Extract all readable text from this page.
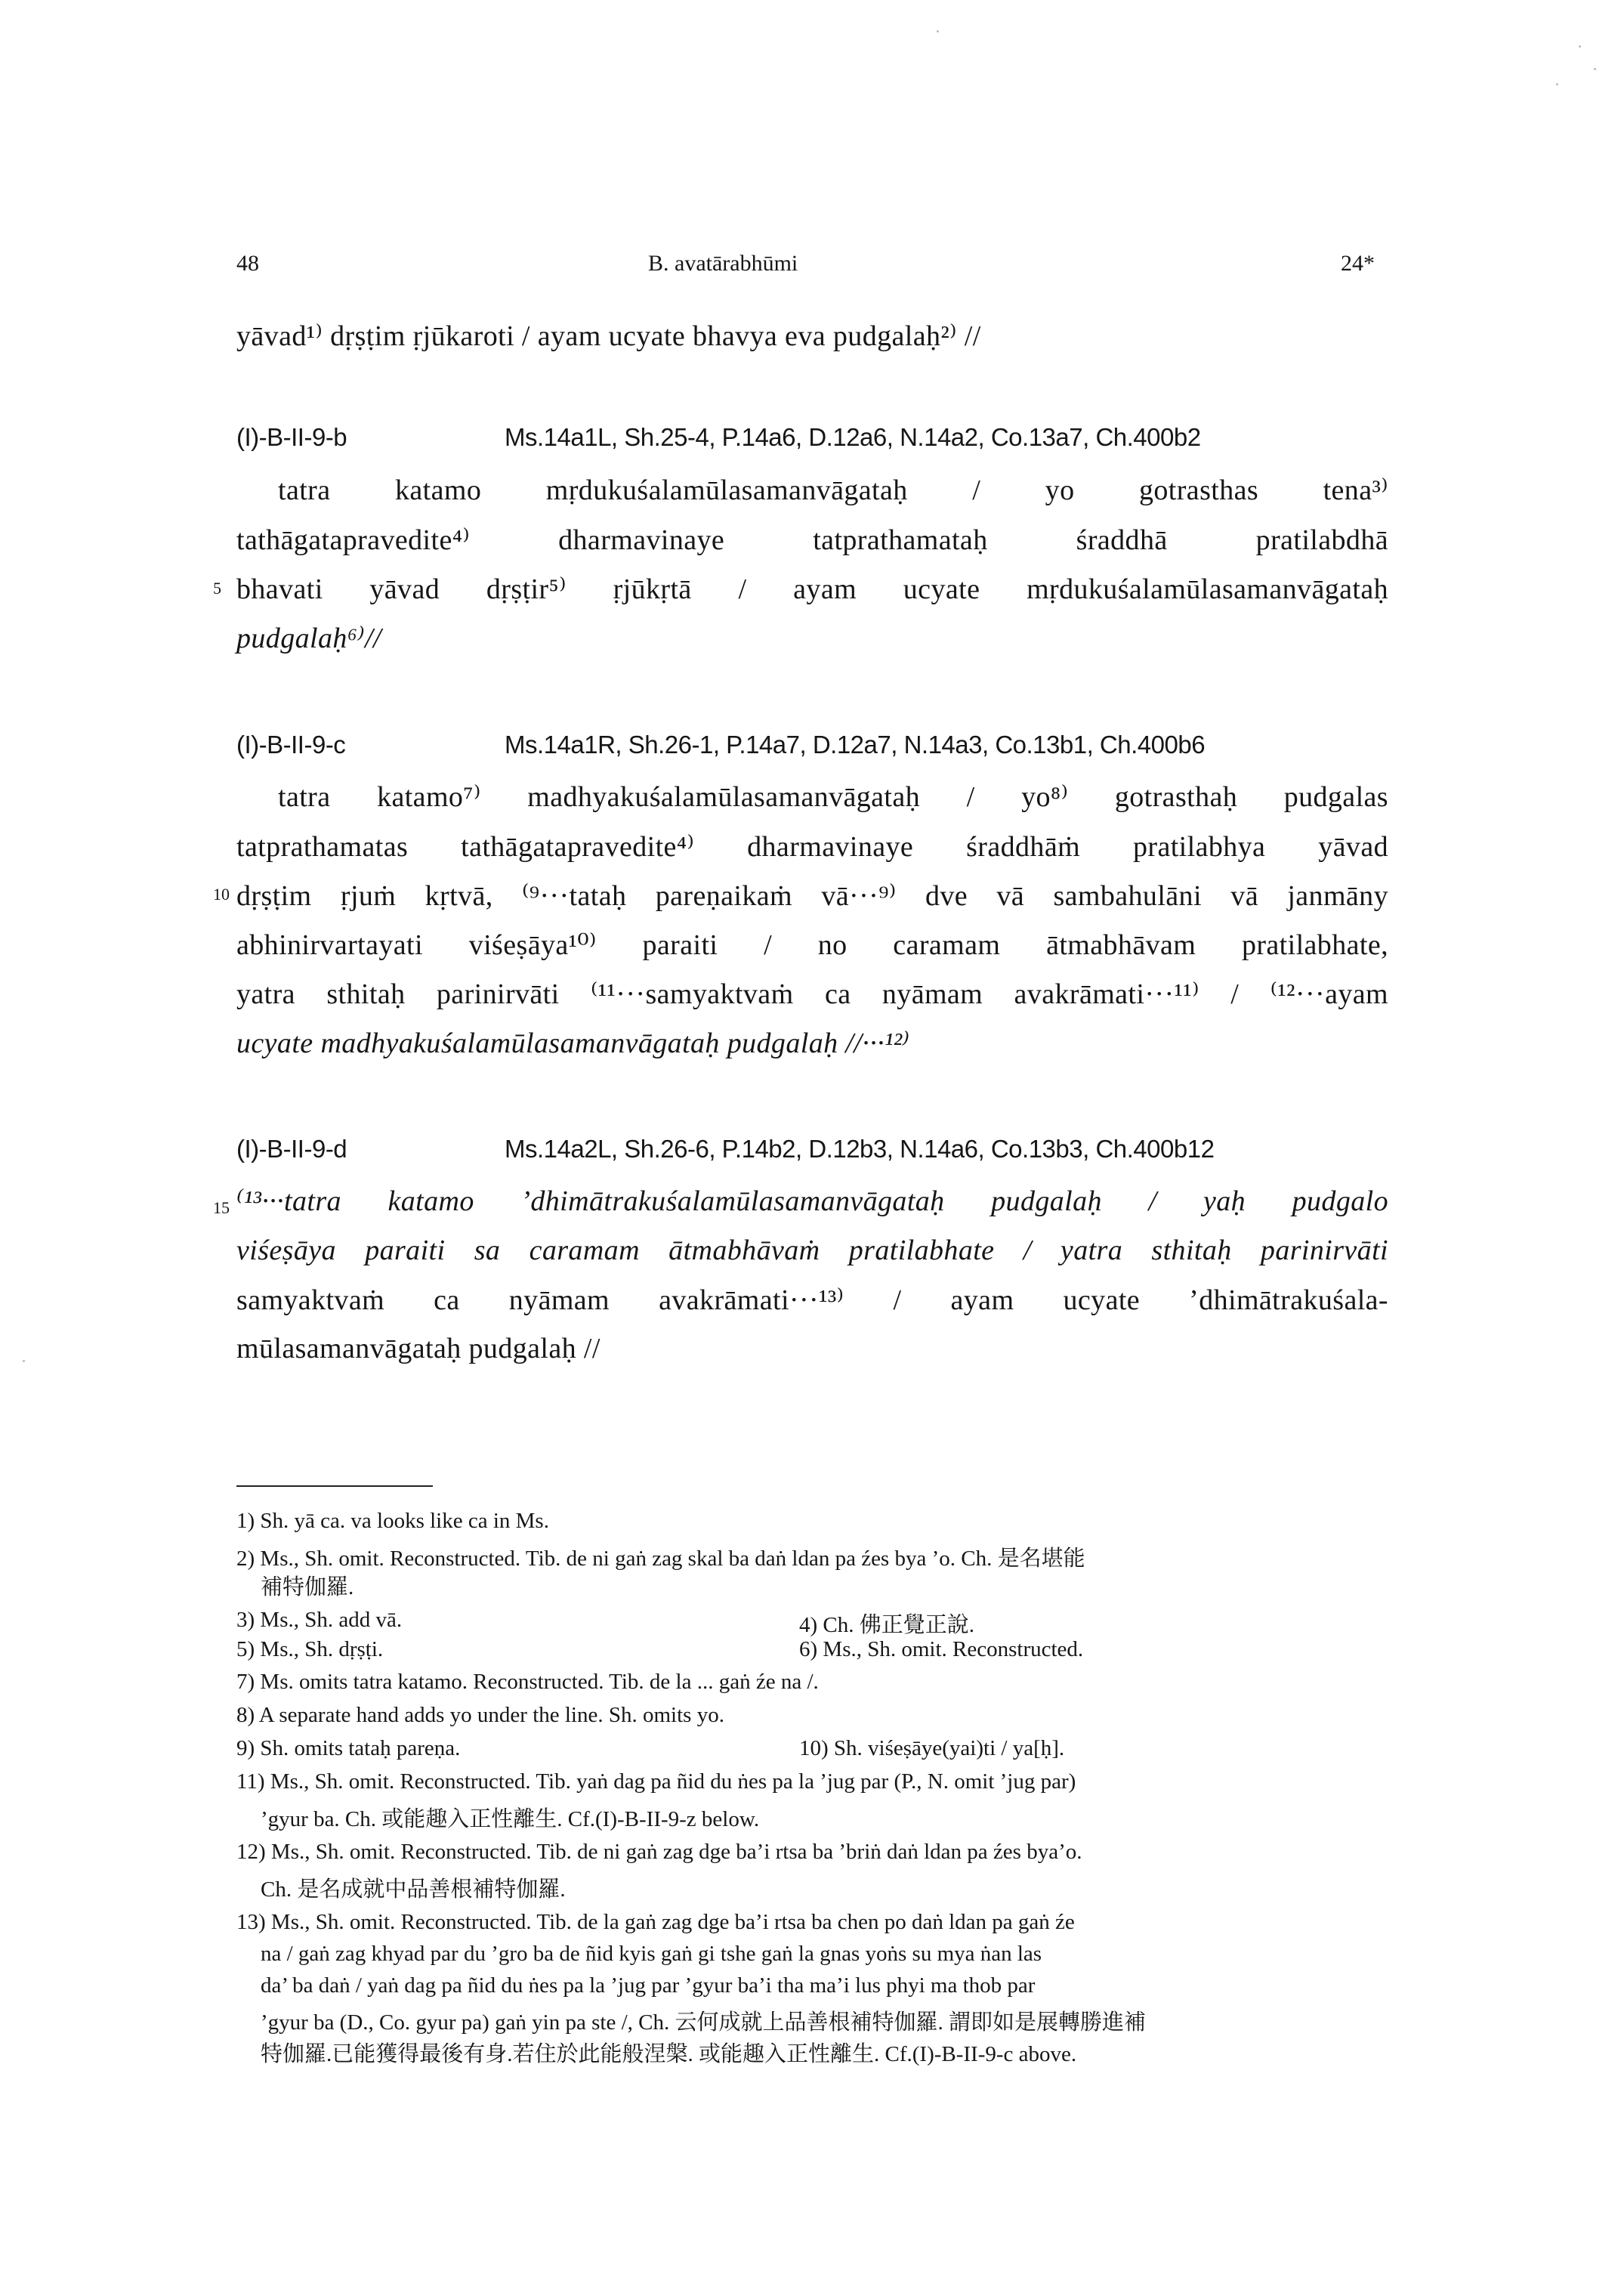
48	B. avatārabhūmi	24*
yāvad¹⁾ dṛṣṭim ṛjūkaroti / ayam ucyate bhavya eva pudgalaḥ²⁾ //
(I)-B-II-9-b	Ms.14a1L, Sh.25-4, P.14a6, D.12a6, N.14a2, Co.13a7, Ch.400b2
tatra katamo mṛdukuśalamūlasamanvāgataḥ / yo gotrasthas tena³⁾
tathāgatapravedite⁴⁾ dharmavinaye tatprathamataḥ śraddhā pratilabdhā
5 bhavati yāvad dṛṣṭir⁵⁾ ṛjūkṛtā / ayam ucyate mṛdukuśalamūlasamanvāgataḥ
pudgalaḥ⁶⁾//
(I)-B-II-9-c	Ms.14a1R, Sh.26-1, P.14a7, D.12a7, N.14a3, Co.13b1, Ch.400b6
tatra katamo⁷⁾ madhyakuśalamūlasamanvāgataḥ / yo⁸⁾ gotrasthaḥ pudgalas
tatprathamatas tathāgatapravedite⁴⁾ dharmavinaye śraddhāṁ pratilabhya yāvad
10 dṛṣṭim ṛjuṁ kṛtvā, ⁽⁹···tataḥ pareṇaikaṁ vā···⁹⁾ dve vā sambahulāni vā janmāny
abhinirvartayati viśeṣāya¹⁰⁾ paraiti / no caramam ātmabhāvam pratilabhate,
yatra sthitaḥ parinirvāti ⁽¹¹···samyaktvaṁ ca nyāmam avakrāmati···¹¹⁾ / ⁽¹²···ayam
ucyate madhyakuśalamūlasamanvāgataḥ pudgalaḥ //···¹²⁾
(I)-B-II-9-d	Ms.14a2L, Sh.26-6, P.14b2, D.12b3, N.14a6, Co.13b3, Ch.400b12
15 ⁽¹³···tatra katamo ’dhimātrakuśalamūlasamanvāgataḥ pudgalaḥ / yaḥ pudgalo
viśeṣāya paraiti sa caramam ātmabhāvaṁ pratilabhate / yatra sthitaḥ parinirvāti
samyaktvaṁ ca nyāmam avakrāmati···¹³⁾ / ayam ucyate ’dhimātrakuśala-
mūlasamanvāgataḥ pudgalaḥ //
1) Sh. yā ca. va looks like ca in Ms.
2) Ms., Sh. omit. Reconstructed. Tib. de ni gaṅ zag skal ba daṅ ldan pa źes bya ’o. Ch. 是名堪能
補特伽羅.
3) Ms., Sh. add vā.	4) Ch. 佛正覺正說.
5) Ms., Sh. dṛṣṭi.	6) Ms., Sh. omit. Reconstructed.
7) Ms. omits tatra katamo. Reconstructed. Tib. de la ... gaṅ źe na /.
8) A separate hand adds yo under the line. Sh. omits yo.
9) Sh. omits tataḥ pareṇa.	10) Sh. viśeṣāye(yai)ti / ya[ḥ].
11) Ms., Sh. omit. Reconstructed. Tib. yaṅ dag pa ñid du ṅes pa la ’jug par (P., N. omit ’jug par)
’gyur ba. Ch. 或能趣入正性離生. Cf.(I)-B-II-9-z below.
12) Ms., Sh. omit. Reconstructed. Tib. de ni gaṅ zag dge ba’i rtsa ba ’briṅ daṅ ldan pa źes bya’o.
Ch. 是名成就中品善根補特伽羅.
13) Ms., Sh. omit. Reconstructed. Tib. de la gaṅ zag dge ba’i rtsa ba chen po daṅ ldan pa gaṅ źe
na / gaṅ zag khyad par du ’gro ba de ñid kyis gaṅ gi tshe gaṅ la gnas yoṅs su mya ṅan las
da’ ba daṅ / yaṅ dag pa ñid du ṅes pa la ’jug par ’gyur ba’i tha ma’i lus phyi ma thob par
’gyur ba (D., Co. gyur pa) gaṅ yin pa ste /, Ch. 云何成就上品善根補特伽羅. 謂即如是展轉勝進補
特伽羅.已能獲得最後有身.若住於此能般涅槃. 或能趣入正性離生. Cf.(I)-B-II-9-c above.
